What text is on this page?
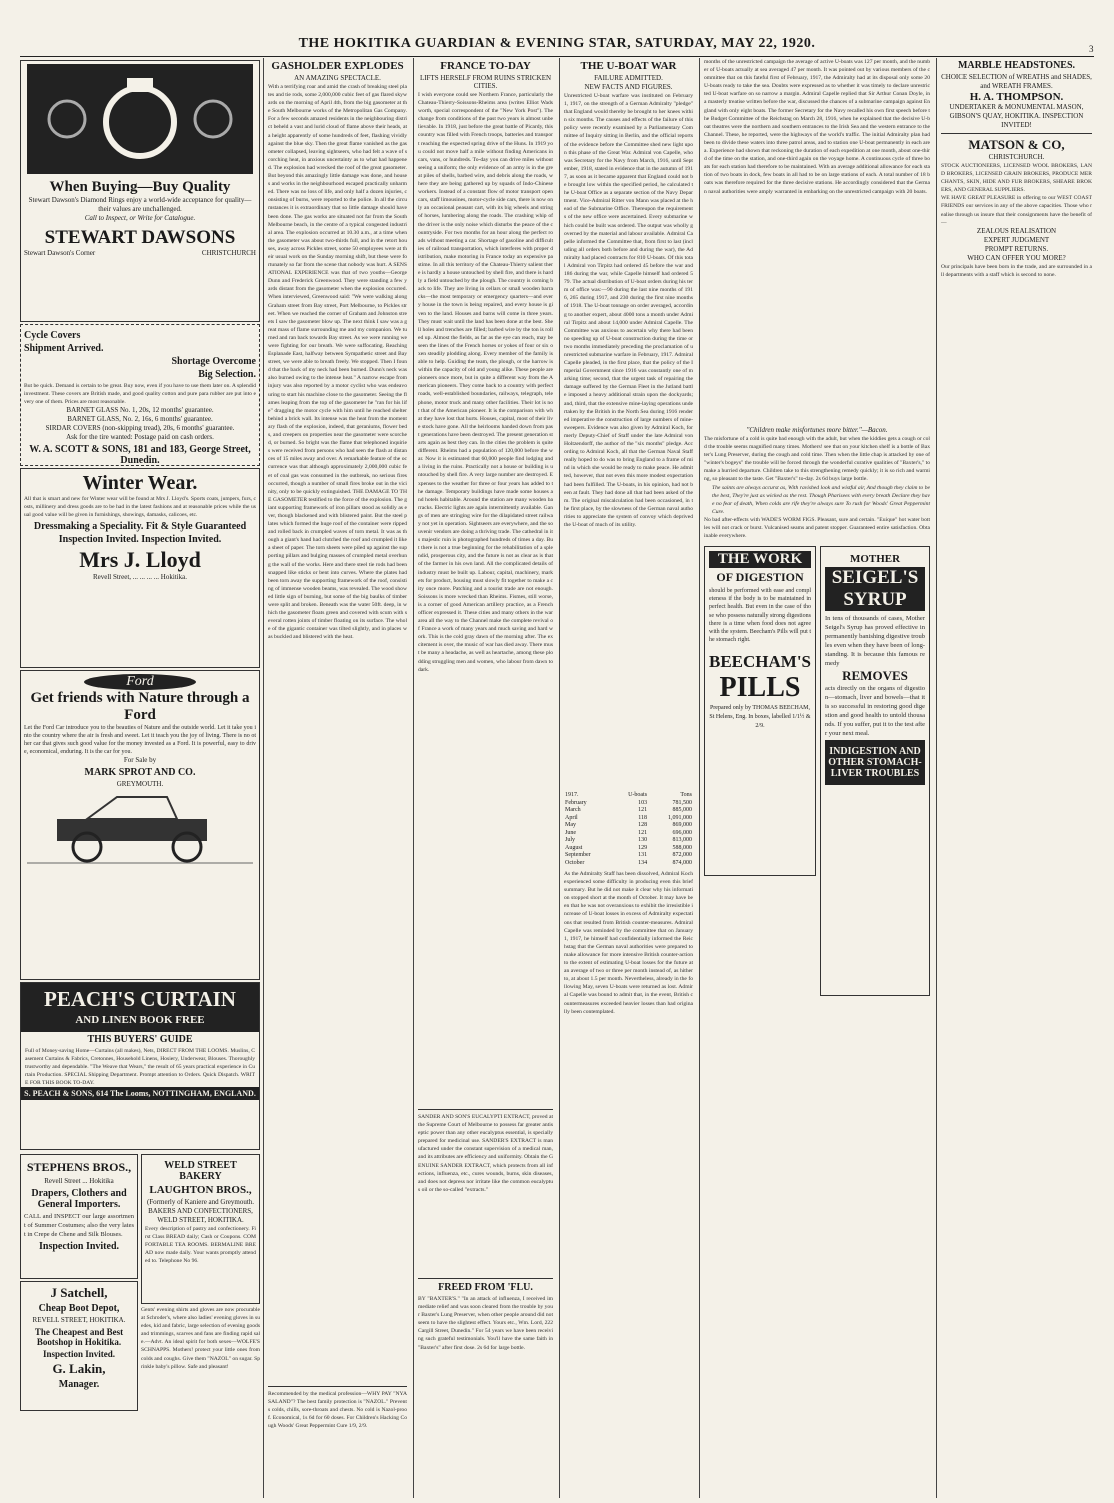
THE HOKITIKA GUARDIAN & EVENING STAR, SATURDAY, MAY 22, 1920.	3
When Buying—Buy Quality
Stewart Dawson's Diamond Rings enjoy a world-wide acceptance for quality—their values are unchallenged.
Call to Inspect, or Write for Catalogue.
STEWART DAWSONS
Stewart Dawson's Corner	CHRISTCHURCH
Cycle Covers
Shipment Arrived.
Shortage Overcome
Big Selection.
But be quick. Demand is certain to be great. Buy now, even if you have to use them later on. A splendid investment. These covers are British made, and good quality cotton and pure para rubber are put into every one of them. Prices are most reasonable.
BARNET GLASS No. 1, 20s, 12 months' guarantee.
BARNET GLASS, No. 2, 16s, 6 months' guarantee.
SIRDAR COVERS (non-skipping tread), 20s, 6 months' guarantee.
Ask for the tire wanted: Postage paid on cash orders.
W. A. SCOTT & SONS, 181 and 183, George Street, Dunedin.
Winter Wear.
All that is smart and new for Winter wear will be found at Mrs J. Lloyd's. Sports coats, jumpers, furs, costs, millinery and dress goods are to be had in the latest fashions and at reasonable prices while the usual good value will be given in furnishings, showings, damasks, calicoes, etc.
Dressmaking a Speciality. Fit & Style Guaranteed
Inspection Invited. Inspection Invited.
Mrs J. Lloyd
Revell Street, ... ... ... ... Hokitika.
Ford
Get friends with Nature through a Ford
Let the Ford Car introduce you to the beauties of Nature and the outside world. Let it take you into the country where the air is fresh and sweet. Let it teach you the joy of living. There is no other car that gives such good value for the money invested as a Ford. It is powerful, easy to drive, economical, enduring. It is the car for you.
For Sale by
MARK SPROT AND CO.
GREYMOUTH.
PEACH'S CURTAIN
AND LINEN BOOK FREE
THIS BUYERS' GUIDE
Full of Money-saving Home—Curtains (all makes), Nets, DIRECT FROM THE LOOMS. Muslins, Casement Curtains & Fabrics, Cretonnes, Household Linens, Hosiery, Underwear, Blouses. Thoroughly trustworthy and dependable. "The Weave that Wears," the result of 65 years practical experience in Curtain Production. SPECIAL Shipping Department. Prompt attention to Orders. Quick Dispatch. WRITE FOR THIS BOOK TO-DAY.
S. PEACH & SONS, 614 The Looms, NOTTINGHAM, ENGLAND.
STEPHENS BROS.,
Revell Street ... Hokitika
Drapers, Clothers and General Importers.
CALL and INSPECT our large assortment of Summer Costumes; also the very latest in Crepe de Chene and Silk Blouses.
Inspection Invited.
J Satchell,
Cheap Boot Depot,
REVELL STREET, HOKITIKA.
The Cheapest and Best Bootshop in Hokitika.
Inspection Invited.
G. Lakin,
Manager.
WELD STREET BAKERY
LAUGHTON BROS.,
(Formerly of Kaniere and Greymouth.
BAKERS AND CONFECTIONERS, WELD STREET, HOKITIKA.
Every description of pastry and confectionery. First Class BREAD daily; Cash or Coupons. COMFORTABLE TEA ROOMS. BERMALINE BREAD now made daily. Your wants promptly attended to. Telephone No 96.
Gents' evening shirts and gloves are now procurable at Schroder's, where also ladies' evening gloves in suedes, kid and fabric, large selection of evening goods and trimmings, scarves and fans are finding rapid sale.—Advt. An ideal spirit for both sexes—WOLFE'S SCHNAPPS. Mothers! protect your little ones from colds and coughs. Give them "NAZOL" on sugar. Sprinkle baby's pillow. Safe and pleasant!
GASHOLDER EXPLODES
AN AMAZING SPECTACLE.
With a terrifying roar and amid the crash of breaking steel plates and tie rods, some 2,000,000 cubic feet of gas flared skywards on the morning of April 4th, from the big gasometer at the South Melbourne works of the Metropolitan Gas Company. For a few seconds amazed residents in the neighbouring district beheld a vast and lurid cloud of flame above their heads, at a height apparently of some hundreds of feet, flashing vividly against the blue sky. Then the great flame vanished as the gasometer collapsed, leaving sightseers, who had felt a wave of scorching heat, in anxious uncertainty as to what had happened. The explosion had wrecked the roof of the great gasometer. But beyond this amazingly little damage was done, and houses and works in the neighbourhood escaped practically unharmed. There was no loss of life, and only half a dozen injuries, consisting of burns, were reported to the police. In all the circumstances it is extraordinary that so little damage should have been done. The gas works are situated not far from the South Melbourne beach, in the centre of a typical congested industrial area. The explosion occurred at 10.30 a.m., at a time when the gasometer was about two-thirds full, and in the retort houses, away across Pickles street, some 50 employees were at their usual work on the Sunday morning shift, but these were fortunately so far from the scene that nobody was hurt. A SENSATIONAL EXPERIENCE was that of two youths—George Dunn and Frederick Greenwood. They were standing a few yards distant from the gasometer when the explosion occurred. When interviewed, Greenwood said: "We were walking along Graham street from Bay street, Port Melbourne, to Pickles street. When we reached the corner of Graham and Johnston streets I saw the gasometer blow up. The next think I saw was a great mass of flame surrounding me and my companion. We turned and ran back towards Bay street. As we were running we were fighting for our breath. We were suffocating. Reaching Esplanade East, halfway between Sympathetic street and Bay street, we were able to breath freely. We stopped. Then I found that the back of my neck had been burned. Dunn's neck was also burned owing to the intense heat." A narrow escape from injury was also reported by a motor cyclist who was endeavouring to start his machine close to the gasometer. Seeing the flames leaping from the top of the gasometer he "ran for his life" dragging the motor cycle with him until he reached shelter behind a brick wall. Its intense was the heat from the momentary flash of the explosion, indeed, that geraniums, flower beds, and creepers on properties near the gasometer were scorched, or burned. So bright was the flame that telephoned inquiries were received from persons who had seen the flash at distances of 15 miles away and over. A remarkable feature of the occurrence was that although approximately 2,000,000 cubic feet of coal gas was consumed in the outbreak, no serious fires occurred, though a number of small fires broke out in the vicinity, only to be quickly extinguished. THE DAMAGE TO THE GASOMETER testified to the force of the explosion. The giant supporting framework of iron pillars stood as solidly as ever, though blackened and with blistered paint. But the steel plates which formed the huge roof of the container were ripped and rolled back in crumpled waves of torn metal. It was as though a giant's hand had clutched the roof and crumpled it like a sheet of paper. The torn sheets were piled up against the supporting pillars and bulging masses of crumpled metal overhung the wall of the works. Here and there steel tie rods had been snapped like sticks or bent into curves. Where the plates had been torn away the supporting framework of the roof, consisting of immense wooden beams, was revealed. The wood showed little sign of burning, but some of the big baulks of timber were split and broken. Beneath was the water 50ft. deep, in which the gasometer floats green and covered with scum with several rotten joints of timber floating on its surface. The whole of the gigantic container was tilted slightly, and in places was buckled and blistered with the heat.
Recommended by the medical profession—WHY PAY "NYASALAND"? The best family protection is "NAZOL." Prevents colds, chills, sore-throats and chests. No cold is Nazol-proof. Economical, 1s 6d for 60 doses. For Children's Hacking Cough Woods' Great Peppermint Cure 1/9, 2/9.
FRANCE TO-DAY
LIFTS HERSELF FROM RUINS STRICKEN CITIES.
I wish everyone could see Northern France, particularly the Chateau-Thierry-Soissons-Rheims area (writes Elliot Wadsworth, special correspondent of the "New York Post"). The change from conditions of the past two years is almost unbelievable. In 1918, just before the great battle of Picardy, this country was filled with French troops, batteries and transport reaching the expected spring drive of the Huns. In 1919 you could not move half a mile without finding Americans in cars, vans, or hundreds. To-day you can drive miles without seeing a uniform; the only evidence of an army is in the great piles of shells, barbed wire, and debris along the roads, where they are being gathered up by squads of Indo-Chinese workers. Instead of a constant flow of motor transport open cars, staff limousines, motor-cycle side cars, there is now only an occasional peasant cart, with its big wheels and string of horses, lumbering along the roads. The crashing whip of the driver is the only noise which disturbs the peace of the countryside. For two months for an hour along the perfect roads without meeting a car. Shortage of gasoline and difficulties of railroad transportation, which interferes with proper distribution, make motoring in France today an expensive pastime. In all this territory of the Chateau-Thierry salient there is hardly a house untouched by shell fire, and there is hardly a field untouched by the plough. The country is coming back to life. They are living in cellars or small wooden barracks—the most temporary or emergency quarters—and every house in the town is being repaired, and every house is given to the land. Houses and barns will come in three years. They must wait until the land has been done at the best. Shell holes and trenches are filled; barbed wire by the ton is rolled up. Almost the fields, as far as the eye can reach, may be seen the lines of the French horses or yokes of four or six oxen steadily plodding along. Every member of the family is able to help. Guiding the team, the plough, or the harrow is within the capacity of old and young alike. These people are pioneers once more, but in quite a different way from the American pioneers. They come back to a country with perfect roads, well-established boundaries, railways, telegraph, telephone, motor truck and many other facilities. Their lot is not that of the American pioneer. It is the comparison with what they have lost that hurts. Houses, capital, most of their live stock have gone. All the heirlooms handed down from past generations have been destroyed. The present generation starts again as best they can. In the cities the problem is quite different. Rheims had a population of 120,000 before the war. Now it is estimated that 60,000 people find lodging and a living in the ruins. Practically not a house or building is untouched by shell fire. A very large number are destroyed. Expenses to the weather for three or four years has added to the damage. Temporary buildings have made some houses and hotels habitable. Around the station are many wooden barracks. Electric lights are again intermittently available. Gangs of men are stringing wire for the dilapidated street railway not yet in operation. Sightseers are everywhere, and the souvenir vendors are doing a thriving trade. The cathedral in its majestic ruin is photographed hundreds of times a day. But there is not a true beginning for the rehabilitation of a splendid, prosperous city, and the future is not as clear as is that of the farmer in his own land. All the complicated details of industry must be built up. Labour, capital, machinery, markets for product, housing must slowly fit together to make a city once more. Patching and a tourist trade are not enough. Soissons is more wrecked than Rheims. Fismes, still worse, is a corner of good American artillery practice, as a French officer expressed it. These cities and many others in the war area all the way to the Channel make the complete revival of France a work of many years and much saving and hard work. This is the cold gray dawn of the morning after. The excitement is over, the music of war has died away. There must be many a headache, as well as heartache, among these plodding struggling men and women, who labour from dawn to dark.
SANDER AND SON'S EUCALYPTI EXTRACT, proved at the Supreme Court of Melbourne to possess far greater antiseptic power than any other eucalyptus essential, is specially prepared for medicinal use. SANDER'S EXTRACT is manufactured under the constant supervision of a medical man, and its attributes are efficiency and uniformity. Obtain the GENUINE SANDER EXTRACT, which protects from all infections, influenza, etc., cures wounds, burns, skin diseases, and does not depress nor irritate like the common eucalyptus oil or the so-called "extracts."
FREED FROM 'FLU.
BY "BAXTER'S." "In an attack of influenza, I received immediate relief and was soon cleared from the trouble by your Baxter's Lung Preserver, when other people around did not seem to have the slightest effect. Yours etc., Wm. Lord, 222 Cargill Street, Dunedin." For 54 years we have been receiving such grateful testimonials. You'll have the same faith in "Baxter's" after first dose. 2s 6d for large bottle.
THE U-BOAT WAR
FAILURE ADMITTED.
NEW FACTS AND FIGURES.
Unrestricted U-boat warfare was instituted on February 1, 1917, on the strength of a German Admiralty "pledge" that England would thereby be brought to her knees within six months. The causes and effects of the failure of this policy were recently examined by a Parliamentary Committee of Inquiry sitting in Berlin, and the official reports of the evidence before the Committee shed new light upon this phase of the Great War. Admiral von Capelle, who was Secretary for the Navy from March, 1916, until September, 1918, stated in evidence that in the autumn of 1917, as soon as it became apparent that England could not be brought low within the specified period, he calculated the U-boat Office as a separate section of the Navy Department. Vice-Admiral Ritter von Mann was placed at the head of the Submarine Office. Thereupon the requirements of the new office were ascertained. Every submarine which could be built was ordered. The output was wholly governed by the material and labour available. Admiral Capelle informed the Committee that, from first to last (including all orders both before and during the war), the Admiralty had placed contracts for 810 U-boats. Of this total Admiral von Tirpitz had ordered 45 before the war and 186 during the war, while Capelle himself had ordered 579. The actual distribution of U-boat orders during his term of office was:—90 during the last nine months of 1916, 265 during 1917, and 230 during the first nine months of 1918. The U-boat tonnage on order averaged, according to another expert, about 4000 tons a month under Admiral Tirpitz and about 14,000 under Admiral Capelle. The Committee was anxious to ascertain why there had been no speeding up of U-boat construction during the time or two months immediately preceding the proclamation of unrestricted submarine warfare in February, 1917. Admiral Capelle pleaded, in the first place, that the policy of the Imperial Government since 1916 was constantly one of marking time; second, that the urgent task of repairing the damage suffered by the German Fleet in the Jutland battle imposed a heavy additional strain upon the dockyards; and, third, that the extensive mine-laying operations undertaken by the British in the North Sea during 1916 rendered imperative the construction of large numbers of mine-sweepers. Evidence was also given by Admiral Koch, formerly Deputy-Chief of Staff under the late Admiral von Holtzendorff, the author of the "six months" pledge. According to Admiral Koch, all that the German Naval Staff really hoped to do was to bring England to a frame of mind in which she would be ready to make peace. He admitted, however, that not even this more modest expectation had been fulfilled. The U-boats, in his opinion, had not been at fault. They had done all that had been asked of them. The original miscalculation had been occasioned, in the first place, by the slowness of the German naval authorities to appreciate the system of convoy which deprived the U-boat of much of its utility.
1917.	U-boats	Tons
February	103	781,500
March	121	885,000
April	118	1,091,000
May	128	869,000
June	121	696,000
July	130	813,000
August	129	588,000
September	131	872,000
October	134	874,000
As the Admiralty Staff has been dissolved, Admiral Koch experienced some difficulty in producing even this brief summary. But he did not make it clear why his information stopped short at the month of October. It may have been that he was not overanxious to exhibit the irresistible increase of U-boat losses in excess of Admiralty expectations that resulted from British counter-measures. Admiral Capelle was reminded by the committee that on January 1, 1917, he himself had confidentially informed the Reichstag that the German naval authorities were prepared to make allowance for more intensive British counter-action to the extent of estimating U-boat losses for the future at an average of two or three per month instead of, as hitherto, at about 1.5 per month. Nevertheless, already in the following May, seven U-boats were returned as lost. Admiral Capelle was bound to admit that, in the event, British countermeasures exceeded heavier losses than had originally been contemplated.
months of the unrestricted campaign the average of active U-boats was 127 per month, and the number of U-boats actually at sea averaged 47 per month. It was pointed out by various members of the committee that on this fateful first of February, 1917, the Admiralty had at its disposal only some 20 U-boats ready to take the sea. Doubts were expressed as to whether it was timely to declare unrestricted U-boat warfare on so narrow a margin. Admiral Capelle replied that Sir Arthur Conan Doyle, in a masterly treatise written before the war, discussed the chances of a submarine campaign against England with only eight boats. The former Secretary for the Navy recalled his own first speech before the Budget Committee of the Reichstag on March 28, 1916, when he explained that the decisive U-boat theatres were the northern and southern entrances to the Irish Sea and the western entrance to the Channel. These, he reported, were the highways of the world's traffic. The initial Admiralty plan had been to divide these waters into three patrol areas, and to station one U-boat permanently in each area. Experience had shown that reckoning the duration of each expedition at one month, about one-third of the time on the station, and one-third again on the voyage home. A continuous cycle of three boats for each station had therefore to be maintained. With an average additional allowance for each station of two boats in dock, few boats in all had to be on large stations of each. A total number of 18 boats was therefore required for the three decisive stations. He accordingly considered that the German naval authorities were amply warranted in embarking on the unrestricted campaign with 20 boats.
"Children make misfortunes more bitter."—Bacon.
The misfortune of a cold is quite bad enough with the adult, but when the kiddies gets a cough or cold the trouble seems magnified many times. Mothers! see that on your kitchen shelf is a bottle of Baxter's Lung Preserver, during the cough and cold time. Then when the little chap is attacked by one of "winter's bogeys" the trouble will be forced through the wonderful curative qualities of "Baxter's," to make a hurried departure. Children take to this strengthening remedy quickly; it is so rich and warming, so pleasant to the taste. Get "Baxter's" to-day. 2s 6d buys large bottle.
The saints are always accurst as, With ravished look and wistful air, And though they claim to be the best, They're just as wicked as the rest. Though Pharisees with every breath Declare they have no fear of death, When colds are rife they're always sure To rush for Woods' Great Peppermint Cure.
No bad after-effects with WADE'S WORM FIGS. Pleasant, sure and certain. "Euique" hot water bottles will not crack or burst. Vulcanised seams and patent stopper. Guaranteed entire satisfaction. Obtainable everywhere.
THE WORK
OF DIGESTION
should be performed with ease and completeness if the body is to be maintained in perfect health. But even in the case of those who possess naturally strong digestions there is a time when food does not agree with the system. Beecham's Pills will put the stomach right.
BEECHAM'S
PILLS
Prepared only by THOMAS BEECHAM, St Helens, Eng. In boxes, labelled 1/1½ & 2/9.
MOTHER
SEIGEL'S
SYRUP
In tens of thousands of cases, Mother Seigel's Syrup has proved effective in permanently banishing digestive troubles even when they have been of long-standing. It is because this famous remedy
REMOVES
acts directly on the organs of digestion—stomach, liver and bowels—that it is so successful in restoring good digestion and good health to untold thousands. If you suffer, put it to the test after your next meal.
INDIGESTION AND OTHER STOMACH-LIVER TROUBLES
MARBLE HEADSTONES.
CHOICE SELECTION of WREATHS and SHADES, and WREATH FRAMES.
H. A. THOMPSON.
UNDERTAKER & MONUMENTAL MASON,
GIBSON'S QUAY, HOKITIKA. INSPECTION INVITED!
MATSON & CO,
CHRISTCHURCH.
STOCK AUCTIONEERS, LICENSED WOOL BROKERS, LAND BROKERS, LICENSED GRAIN BROKERS, PRODUCE MERCHANTS, SKIN, HIDE AND FUR BROKERS, SHEARE BROKERS, AND GENERAL SUPPLIERS.
WE HAVE GREAT PLEASURE in offering to our WEST COAST FRIENDS our services in any of the above capacities. Those who realise through us insure that their consignments have the benefit of—
ZEALOUS REALISATION
EXPERT JUDGMENT
PROMPT RETURNS.
WHO CAN OFFER YOU MORE?
Our principals have been born in the trade, and are surrounded in all departments with a staff which is second to none.
